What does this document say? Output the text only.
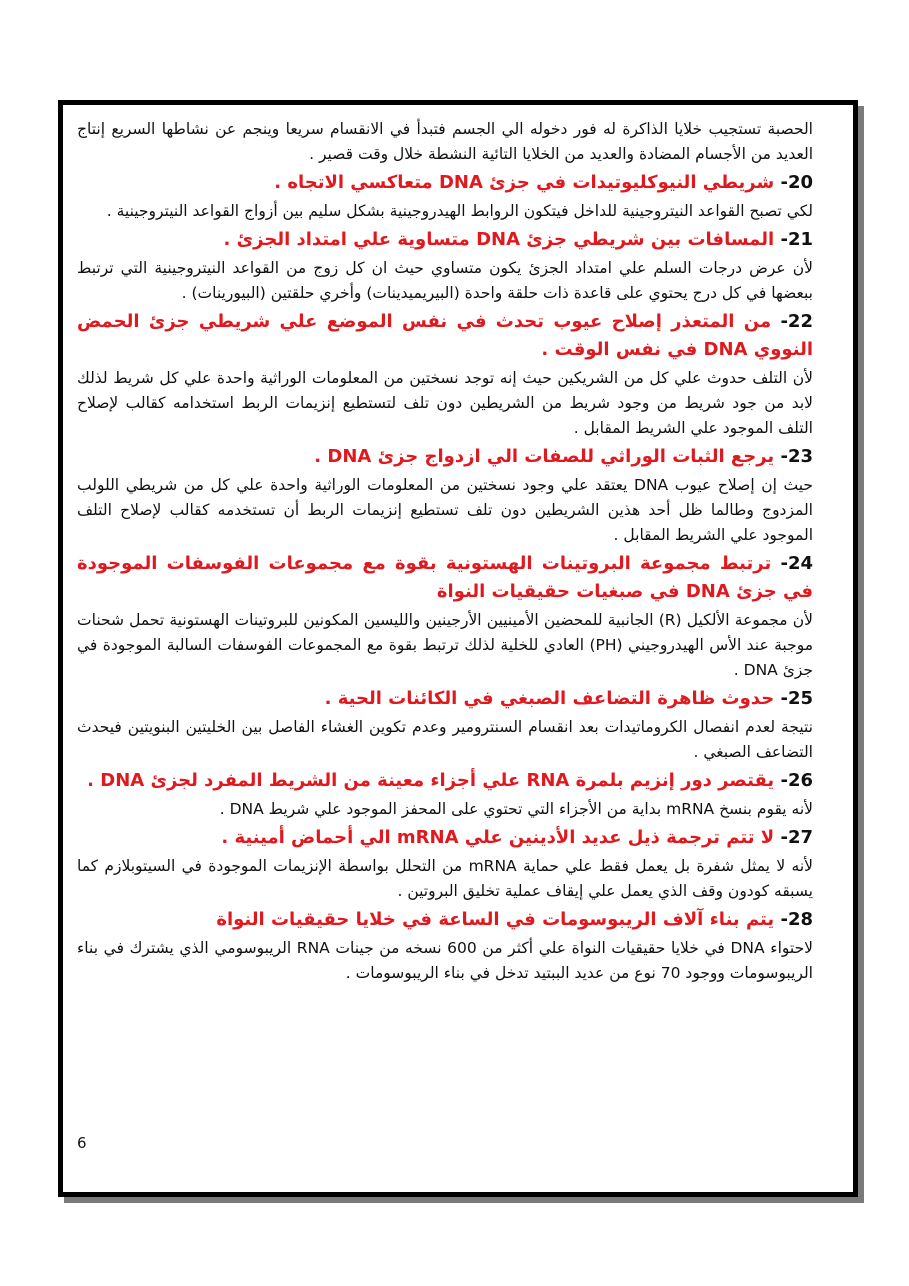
الحصبة تستجيب خلايا الذاكرة له فور دخوله الي الجسم فتبدأ في الانقسام سريعا وينجم عن نشاطها السريع إنتاج العديد من الأجسام المضادة والعديد من الخلايا التائية النشطة خلال وقت قصير .

20- شريطي النيوكليوتيدات في جزئ DNA متعاكسي الاتجاه .

لكي تصبح القواعد النيتروجينية للداخل فيتكون الروابط الهيدروجينية بشكل سليم بين أزواج القواعد النيتروجينية .

21- المسافات بين شريطي جزئ DNA متساوية علي امتداد الجزئ .

لأن عرض درجات السلم علي امتداد الجزئ يكون متساوي حيث ان كل زوج من القواعد النيتروجينية التي ترتبط ببعضها في كل درج يحتوي على قاعدة ذات حلقة واحدة (البيريميدينات) وأخري حلقتين (البيورينات) .

22- من المتعذر إصلاح عيوب تحدث في نفس الموضع علي شريطي جزئ الحمض النووي DNA في نفس الوقت .

لأن التلف حدوث علي كل من الشريكين حيث إنه توجد نسختين من المعلومات الوراثية واحدة علي كل شريط لذلك لابد من جود شريط من وجود شريط من الشريطين دون تلف لتستطيع إنزيمات الربط استخدامه كقالب لإصلاح التلف الموجود علي الشريط المقابل .

23- يرجع الثبات الوراثي للصفات الي ازدواج جزئ DNA .

حيث إن إصلاح عيوب DNA يعتقد علي وجود نسختين من المعلومات الوراثية واحدة علي كل من شريطي اللولب المزدوج وطالما ظل أحد هذين الشريطين دون تلف تستطيع إنزيمات الربط أن تستخدمه كقالب لإصلاح التلف الموجود علي الشريط المقابل .

24- ترتبط مجموعة البروتينات الهستونية بقوة مع مجموعات الفوسفات الموجودة في جزئ DNA في صبغيات حقيقيات النواة

لأن مجموعة الألكيل (R) الجانبية للمحضين الأمينيين الأرجينين والليسين المكونين للبروتينات الهستونية تحمل شحنات موجبة عند الأس الهيدروجيني (PH) العادي للخلية لذلك ترتبط بقوة مع المجموعات الفوسفات السالبة الموجودة في جزئ DNA .

25- حدوث ظاهرة التضاعف الصبغي في الكائنات الحية .

نتيجة لعدم انفصال الكروماتيدات بعد انقسام السنترومير وعدم تكوين الغشاء الفاصل بين الخليتين البنويتين فيحدث التضاعف الصبغي .

26- يقتصر دور إنزيم بلمرة RNA علي أجزاء معينة من الشريط المفرد لجزئ DNA .

لأنه يقوم بنسخ mRNA بداية من الأجزاء التي تحتوي على المحفز الموجود علي شريط DNA .

27- لا تتم ترجمة ذيل عديد الأدينين علي mRNA الي أحماض أمينية .

لأنه لا يمثل شفرة بل يعمل فقط علي حماية mRNA من التحلل بواسطة الإنزيمات الموجودة في السيتوبلازم كما يسبقه كودون وقف الذي يعمل علي إيقاف عملية تخليق البروتين .

28- يتم بناء آلاف الريبوسومات في الساعة في خلايا حقيقيات النواة

لاحتواء DNA في خلايا حقيقيات النواة علي أكثر من 600 نسخه من جينات RNA الريبوسومي الذي يشترك في بناء الريبوسومات ووجود 70 نوع من عديد الببتيد تدخل في بناء الريبوسومات .

6
